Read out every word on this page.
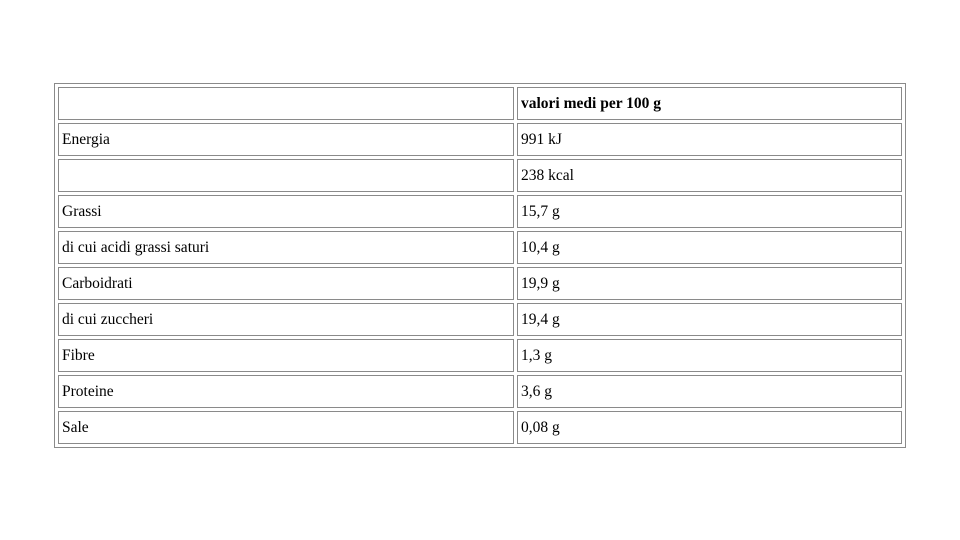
	valori medi per 100 g
Energia	991 kJ
	238 kcal
Grassi	15,7 g
di cui acidi grassi saturi	10,4 g
Carboidrati	19,9 g
di cui zuccheri	19,4 g
Fibre	1,3 g
Proteine	3,6 g
Sale	0,08 g
